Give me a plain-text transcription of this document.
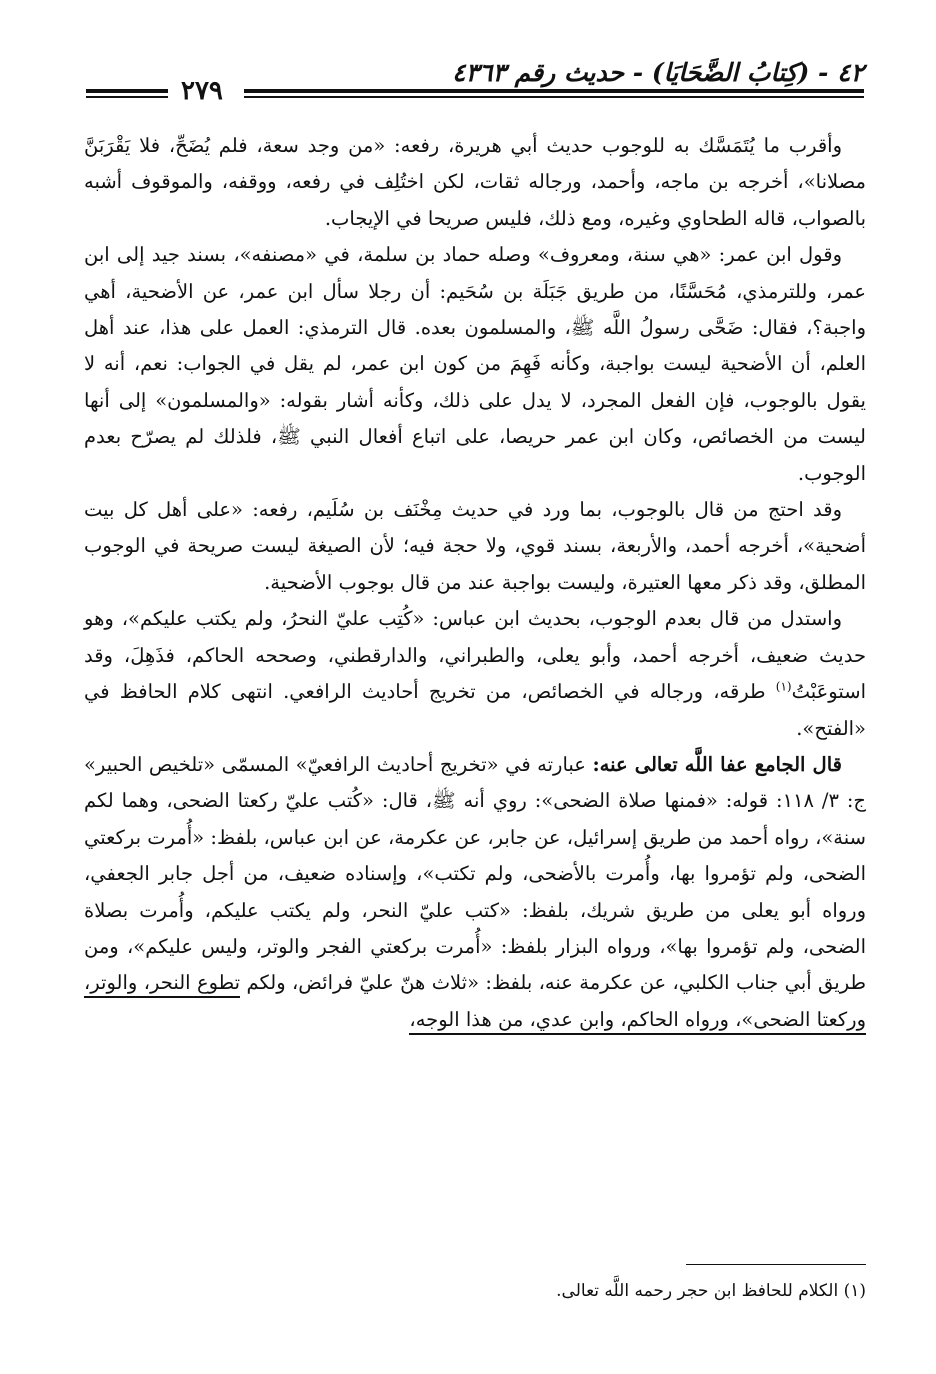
٤٢ - (كِتابُ الضَّحَايَا) - حديث رقم ٤٣٦٣
٢٧٩

وأقرب ما يُتَمَسَّك به للوجوب حديث أبي هريرة، رفعه: «من وجد سعة، فلم يُضَحِّ، فلا يَقْرَبَنَّ مصلانا»، أخرجه بن ماجه، وأحمد، ورجاله ثقات، لكن اختُلِف في رفعه، ووقفه، والموقوف أشبه بالصواب، قاله الطحاوي وغيره، ومع ذلك، فليس صريحا في الإيجاب.

وقول ابن عمر: «هي سنة، ومعروف» وصله حماد بن سلمة، في «مصنفه»، بسند جيد إلى ابن عمر، وللترمذي، مُحَسَّنًا، من طريق جَبَلَة بن سُحَيم: أن رجلا سأل ابن عمر، عن الأضحية، أهي واجبة؟، فقال: ضَحَّى رسولُ اللَّه ﷺ، والمسلمون بعده. قال الترمذي: العمل على هذا، عند أهل العلم، أن الأضحية ليست بواجبة، وكأنه فَهِمَ من كون ابن عمر، لم يقل في الجواب: نعم، أنه لا يقول بالوجوب، فإن الفعل المجرد، لا يدل على ذلك، وكأنه أشار بقوله: «والمسلمون» إلى أنها ليست من الخصائص، وكان ابن عمر حريصا، على اتباع أفعال النبي ﷺ، فلذلك لم يصرّح بعدم الوجوب.

وقد احتج من قال بالوجوب، بما ورد في حديث مِخْنَف بن سُلَيم، رفعه: «على أهل كل بيت أضحية»، أخرجه أحمد، والأربعة، بسند قوي، ولا حجة فيه؛ لأن الصيغة ليست صريحة في الوجوب المطلق، وقد ذكر معها العتيرة، وليست بواجبة عند من قال بوجوب الأضحية.

واستدل من قال بعدم الوجوب، بحديث ابن عباس: «كُتِب عليّ النحرُ، ولم يكتب عليكم»، وهو حديث ضعيف، أخرجه أحمد، وأبو يعلى، والطبراني، والدارقطني، وصححه الحاكم، فذَهِلَ، وقد استوعَبْتُ$^{(١)}$ طرقه، ورجاله في الخصائص، من تخريج أحاديث الرافعي. انتهى كلام الحافظ في «الفتح».

قال الجامع عفا اللَّه تعالى عنه: عبارته في «تخريج أحاديث الرافعيّ» المسمّى «تلخيص الحبير» ج: ٣/ ١١٨: قوله: «فمنها صلاة الضحى»: روي أنه ﷺ، قال: «كُتب عليّ ركعتا الضحى، وهما لكم سنة»، رواه أحمد من طريق إسرائيل، عن جابر، عن عكرمة، عن ابن عباس، بلفظ: «أُمرت بركعتي الضحى، ولم تؤمروا بها، وأُمرت بالأضحى، ولم تكتب»، وإسناده ضعيف، من أجل جابر الجعفي، ورواه أبو يعلى من طريق شريك، بلفظ: «كتب عليّ النحر، ولم يكتب عليكم، وأُمرت بصلاة الضحى، ولم تؤمروا بها»، ورواه البزار بلفظ: «أُمرت بركعتي الفجر والوتر، وليس عليكم»، ومن طريق أبي جناب الكلبي، عن عكرمة عنه، بلفظ: «ثلاث هنّ عليّ فرائض، ولكم تطوع النحر، والوتر، وركعتا الضحى»، ورواه الحاكم، وابن عدي، من هذا الوجه،

(١) الكلام للحافظ ابن حجر رحمه اللَّه تعالى.
